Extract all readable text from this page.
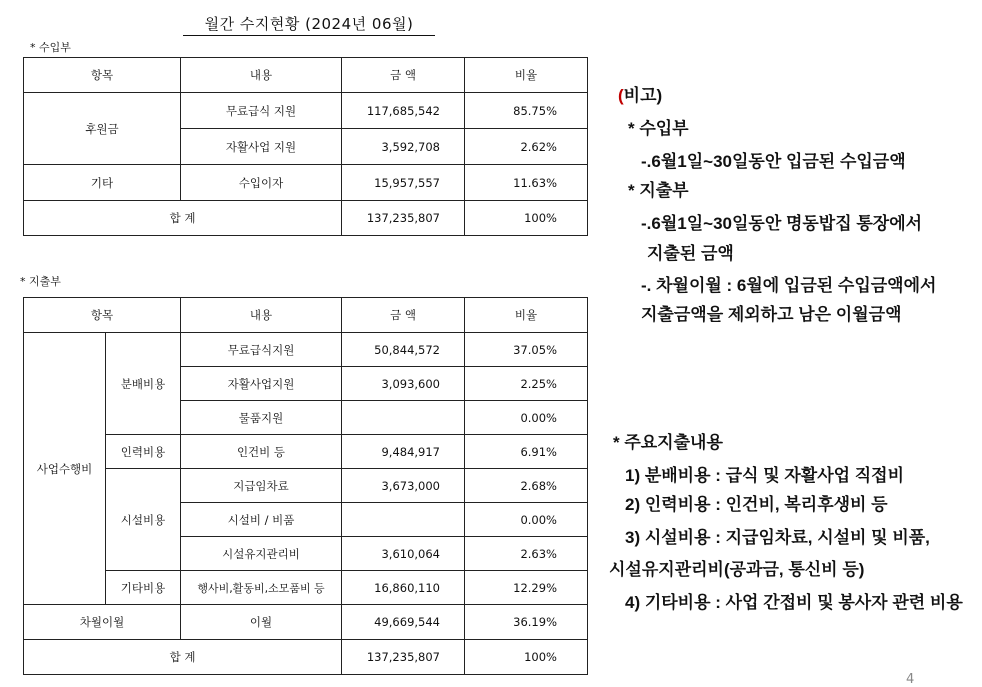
월간 수지현황 (2024년 06월)
* 수입부
항목	내용	금 액	비율
후원금	무료급식 지원	117,685,542	85.75%
	자활사업 지원	3,592,708	2.62%
기타	수입이자	15,957,557	11.63%
합 계		137,235,807	100%
* 지출부
항목		내용	금 액	비율
사업수행비	분배비용	무료급식지원	50,844,572	37.05%
		자활사업지원	3,093,600	2.25%
		물품지원		0.00%
	인력비용	인건비 등	9,484,917	6.91%
	시설비용	지급임차료	3,673,000	2.68%
		시설비 / 비품		0.00%
		시설유지관리비	3,610,064	2.63%
	기타비용	행사비,활동비,소모품비 등	16,860,110	12.29%
차월이월		이월	49,669,544	36.19%
합 계			137,235,807	100%
(비고)
* 수입부
-.6월1일~30일동안 입금된 수입금액
* 지출부
-.6월1일~30일동안 명동밥집 통장에서
지출된 금액
-. 차월이월 : 6월에 입금된 수입금액에서
지출금액을 제외하고 남은 이월금액
* 주요지출내용
1) 분배비용 : 급식 및 자활사업 직접비
2) 인력비용 : 인건비, 복리후생비 등
3) 시설비용 : 지급임차료, 시설비 및 비품,
시설유지관리비(공과금, 통신비 등)
4) 기타비용 : 사업 간접비 및 봉사자 관련 비용
4
